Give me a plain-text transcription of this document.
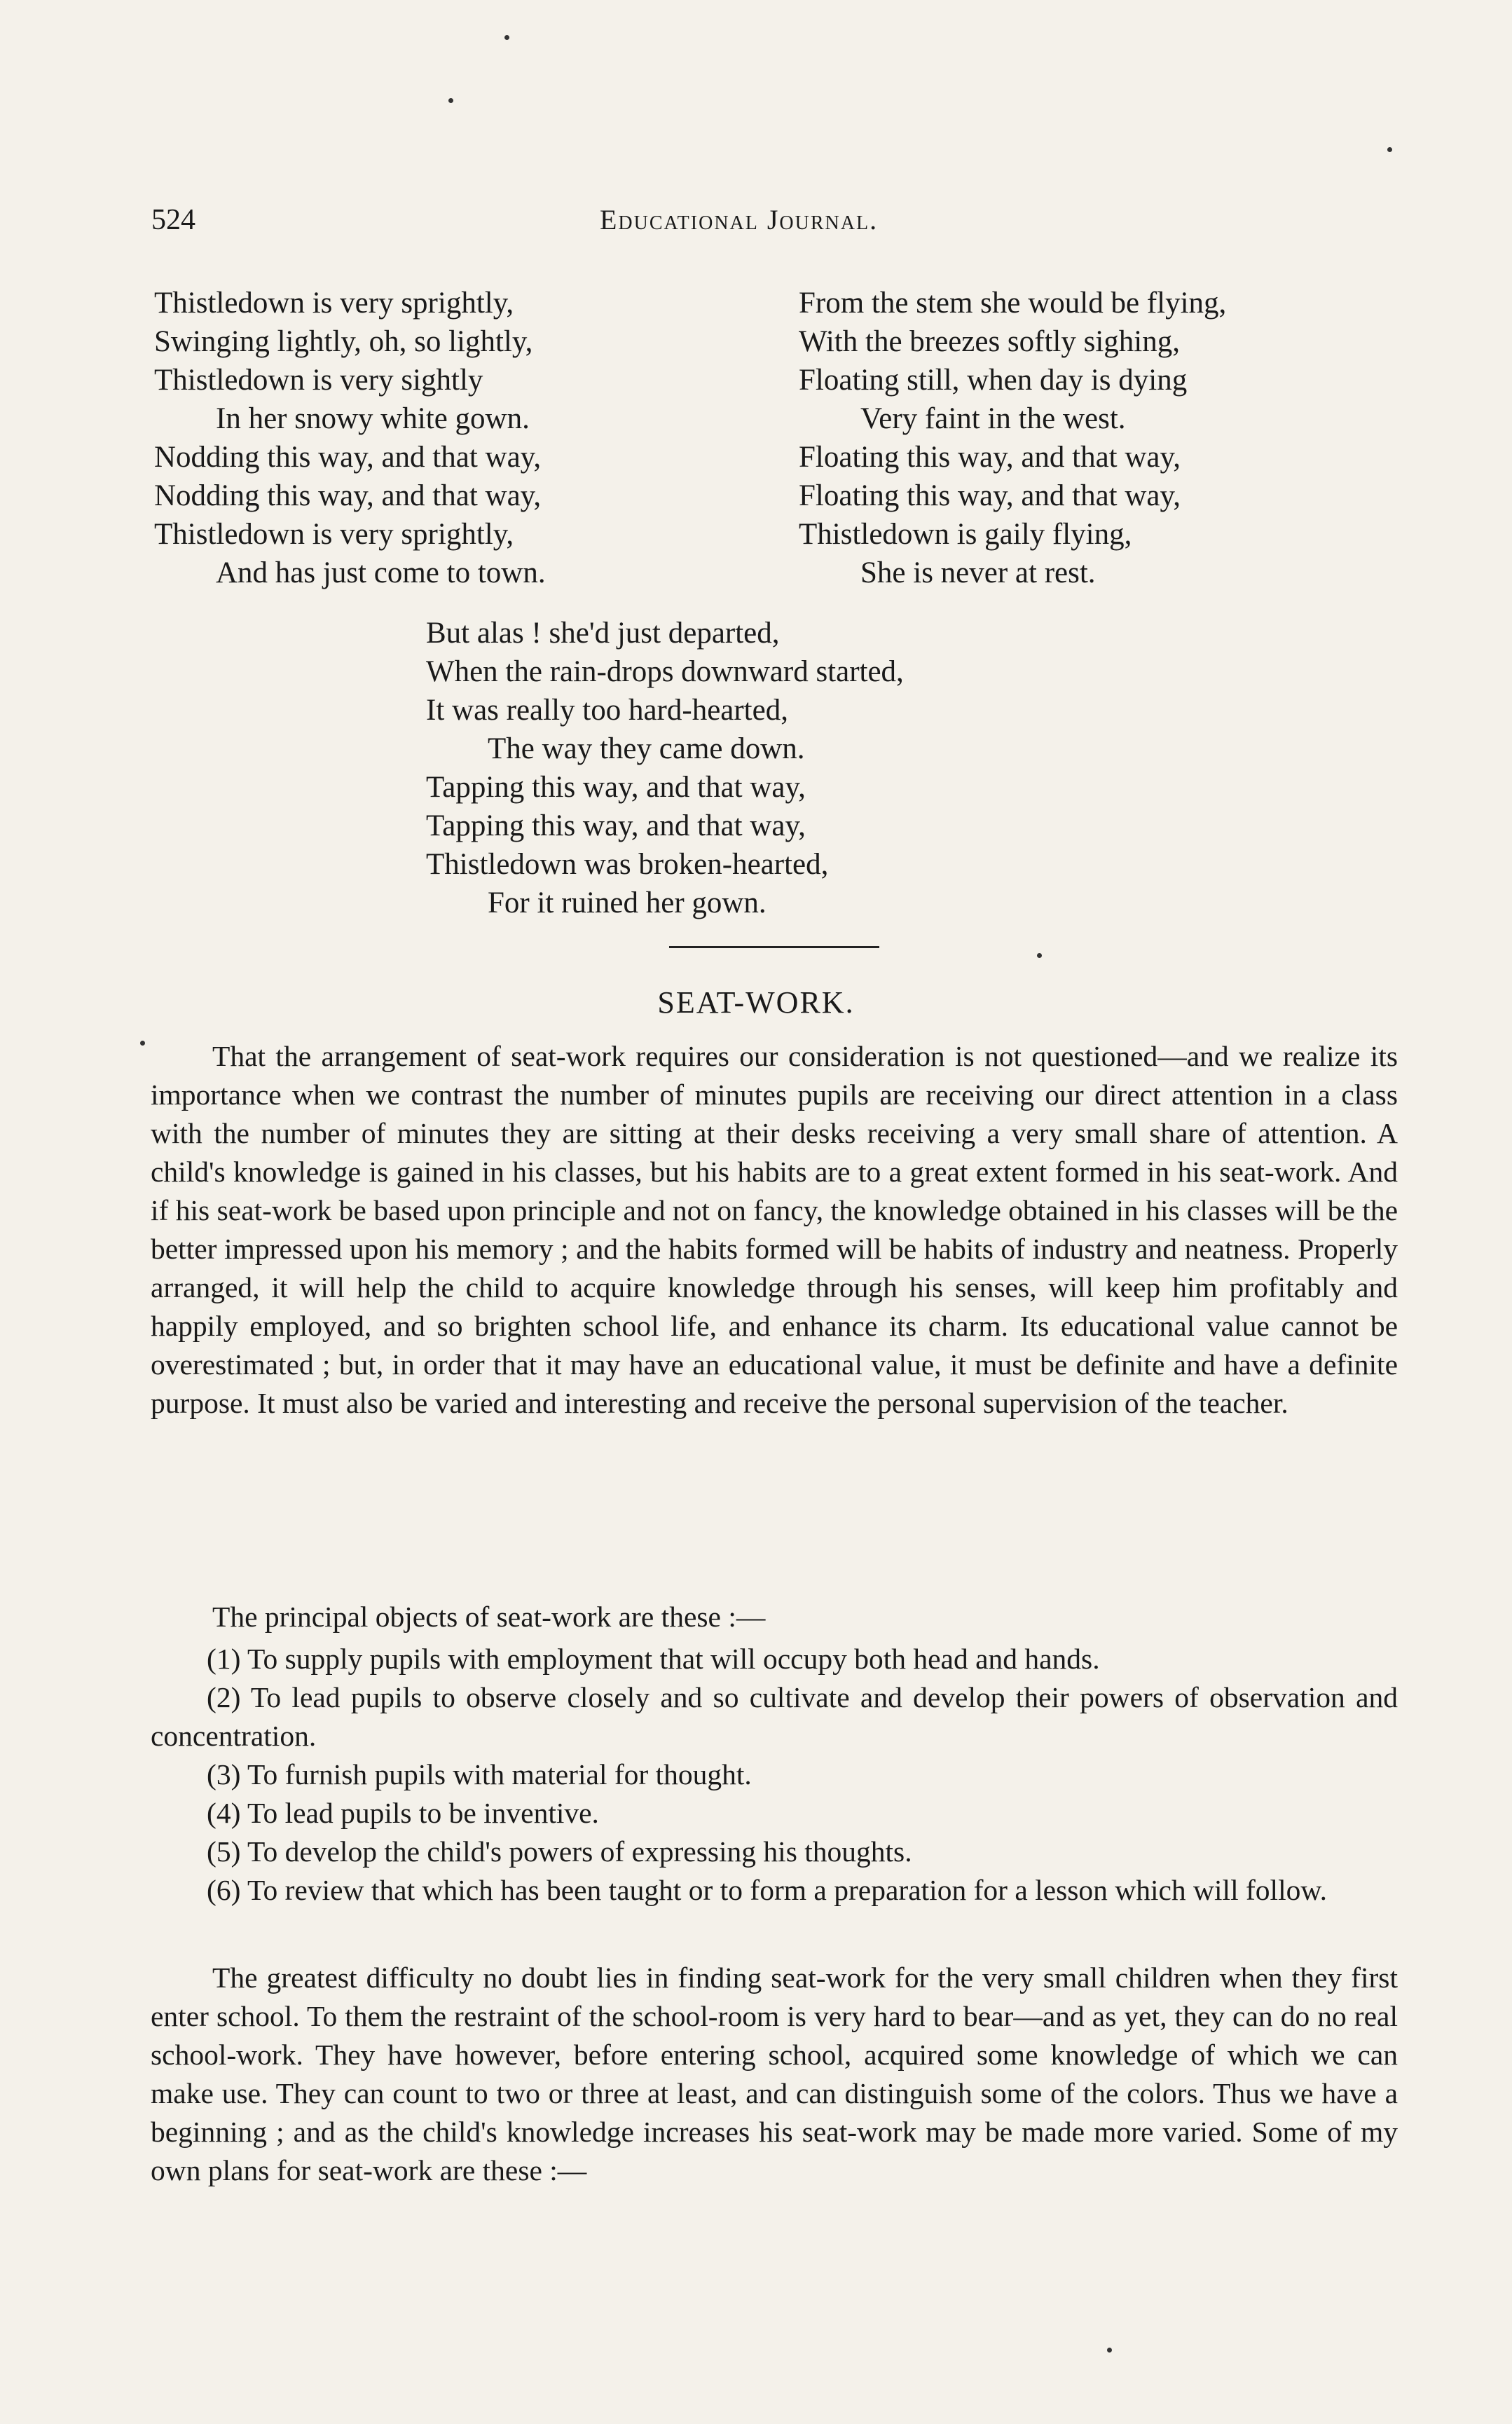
524	Educational Journal.
Thistledown is very sprightly,
Swinging lightly, oh, so lightly,
Thistledown is very sightly
In her snowy white gown.
Nodding this way, and that way,
Nodding this way, and that way,
Thistledown is very sprightly,
And has just come to town.
From the stem she would be flying,
With the breezes softly sighing,
Floating still, when day is dying
Very faint in the west.
Floating this way, and that way,
Floating this way, and that way,
Thistledown is gaily flying,
She is never at rest.
But alas ! she'd just departed,
When the rain-drops downward started,
It was really too hard-hearted,
The way they came down.
Tapping this way, and that way,
Tapping this way, and that way,
Thistledown was broken-hearted,
For it ruined her gown.
SEAT-WORK.

That the arrangement of seat-work requires our consideration is not questioned—and we realize its importance when we contrast the number of minutes pupils are receiving our direct attention in a class with the number of minutes they are sitting at their desks receiving a very small share of attention. A child's knowledge is gained in his classes, but his habits are to a great extent formed in his seat-work. And if his seat-work be based upon principle and not on fancy, the knowledge obtained in his classes will be the better impressed upon his memory ; and the habits formed will be habits of industry and neatness. Properly arranged, it will help the child to acquire knowledge through his senses, will keep him profitably and happily employed, and so brighten school life, and enhance its charm. Its educational value cannot be overestimated ; but, in order that it may have an educational value, it must be definite and have a definite purpose. It must also be varied and interesting and receive the personal supervision of the teacher.

The principal objects of seat-work are these :—

(1) To supply pupils with employment that will occupy both head and hands.
(2) To lead pupils to observe closely and so cultivate and develop their powers of observation and concentration.
(3) To furnish pupils with material for thought.
(4) To lead pupils to be inventive.
(5) To develop the child's powers of expressing his thoughts.
(6) To review that which has been taught or to form a preparation for a lesson which will follow.

The greatest difficulty no doubt lies in finding seat-work for the very small children when they first enter school. To them the restraint of the school-room is very hard to bear—and as yet, they can do no real school-work. They have however, before entering school, acquired some knowledge of which we can make use. They can count to two or three at least, and can distinguish some of the colors. Thus we have a beginning ; and as the child's knowledge increases his seat-work may be made more varied. Some of my own plans for seat-work are these :—
